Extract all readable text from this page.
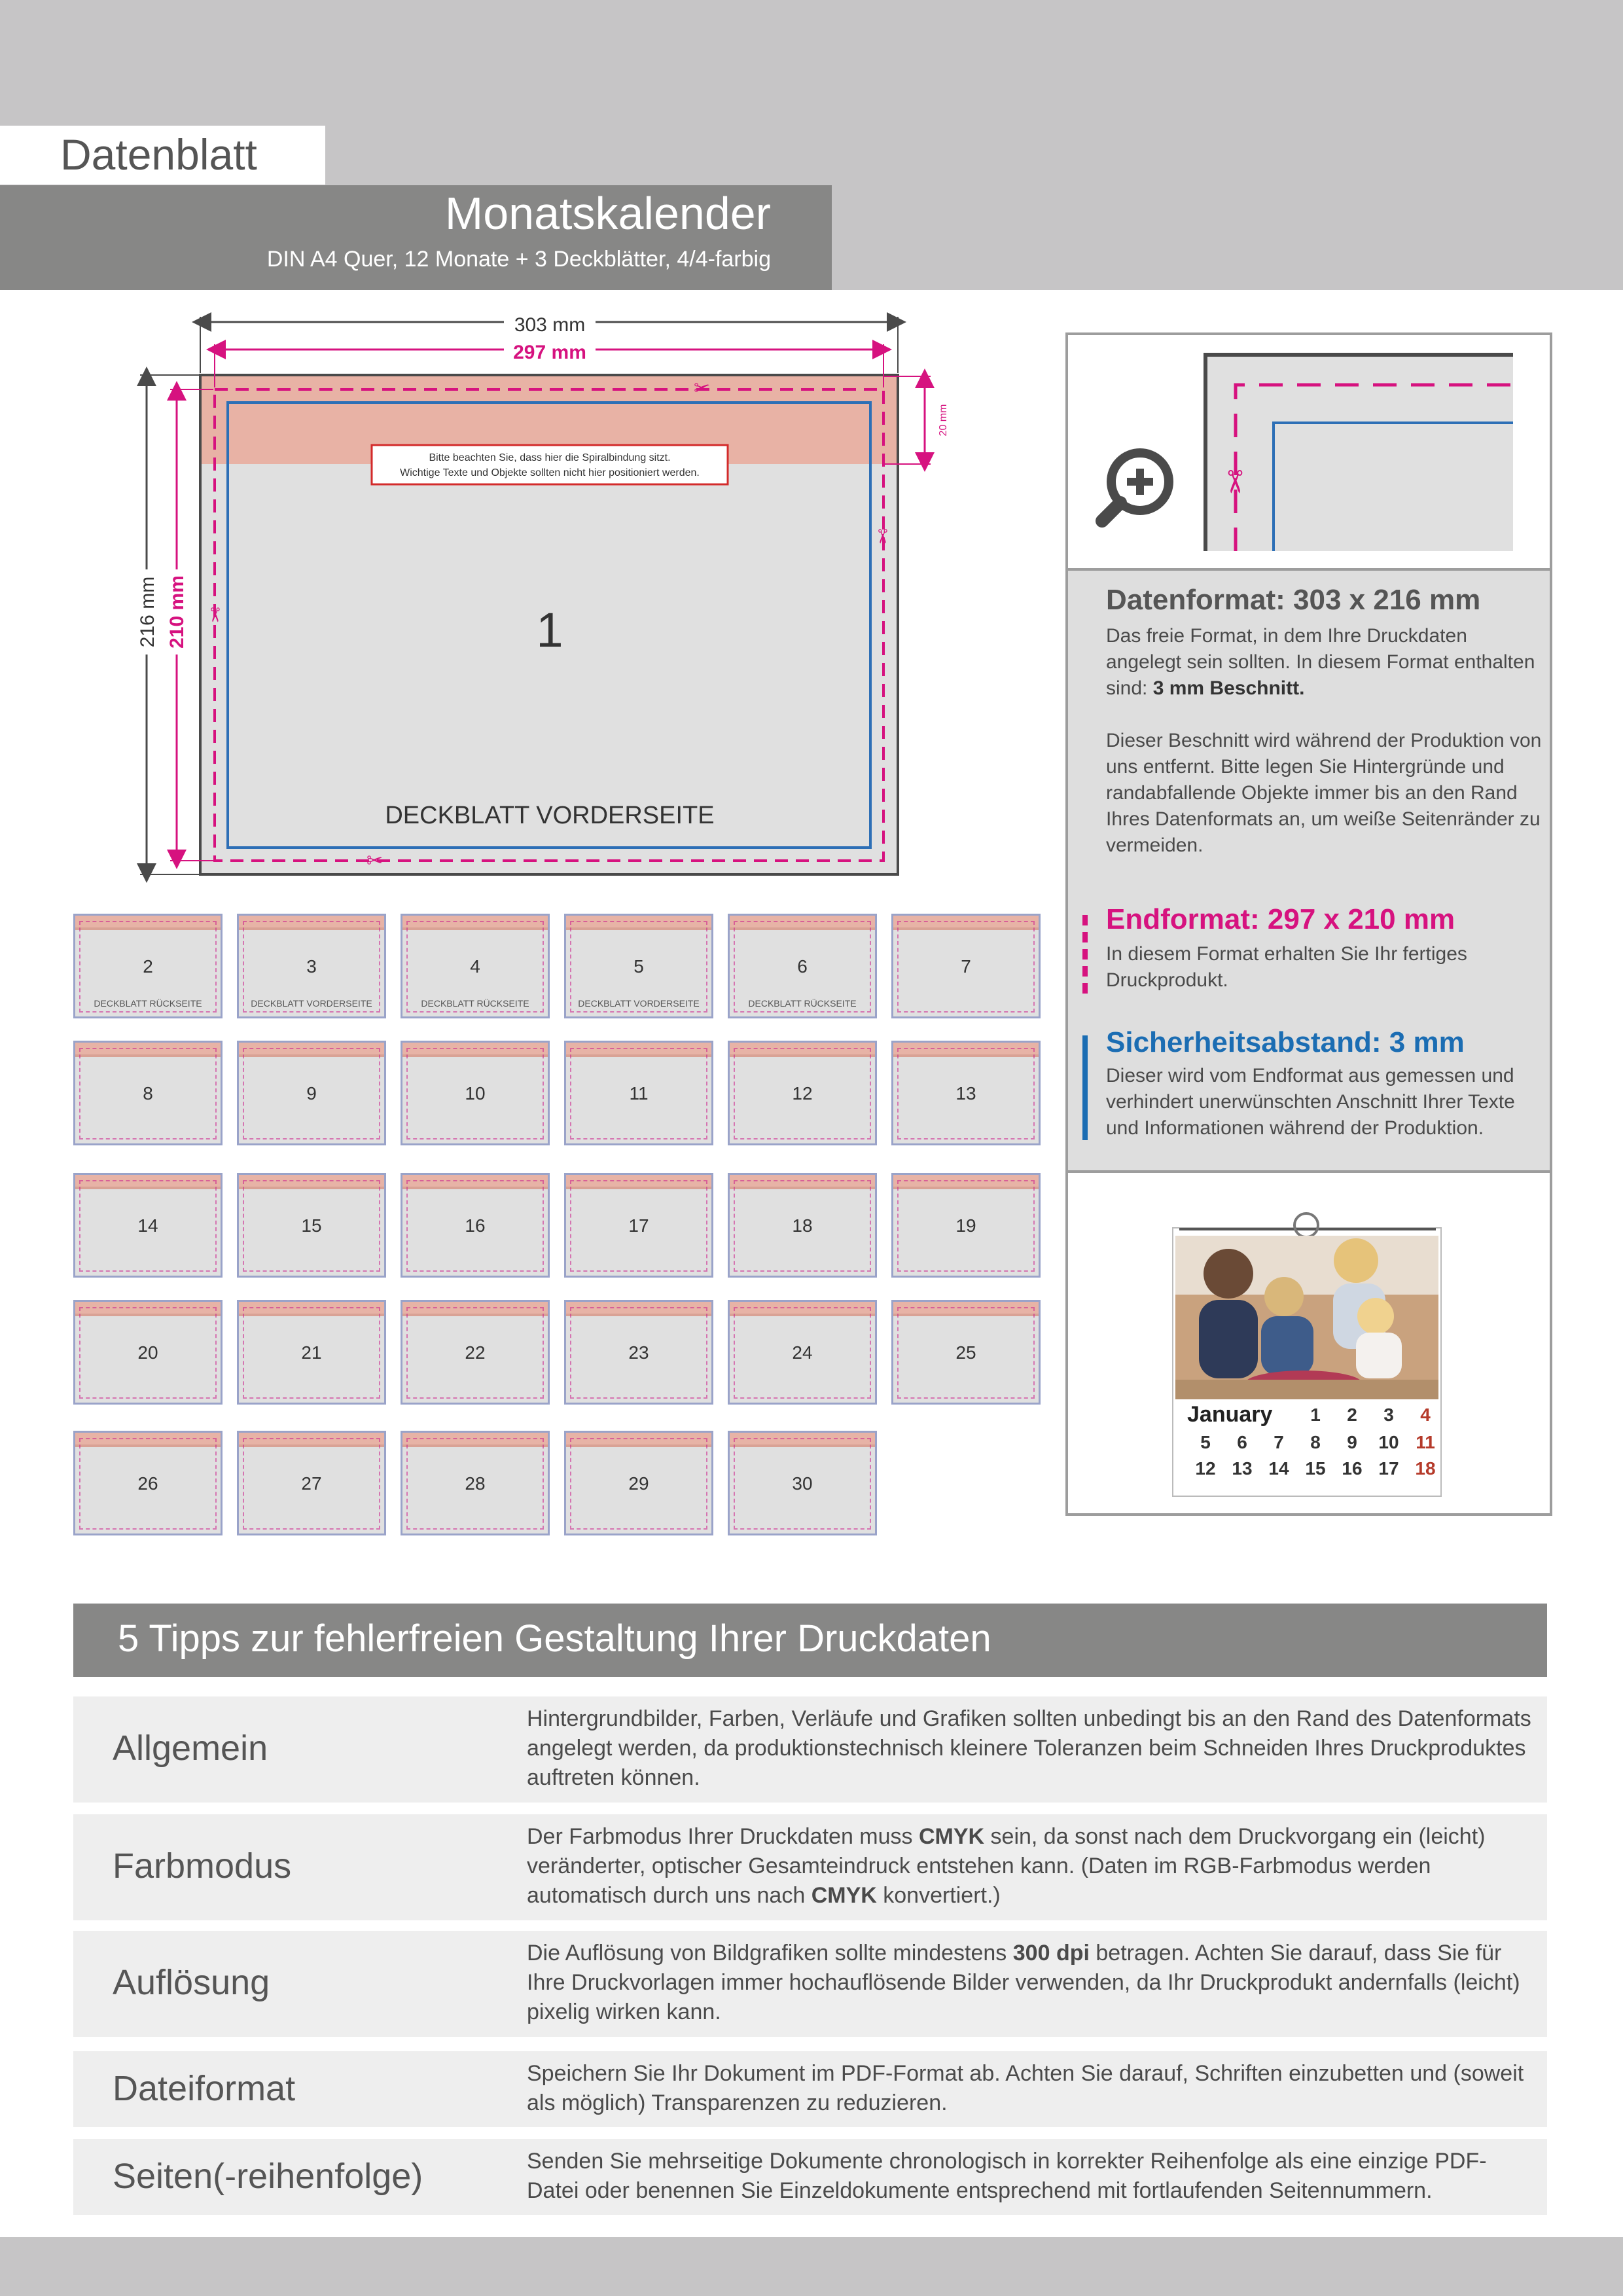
Datenblatt
Monatskalender
DIN A4 Quer, 12 Monate + 3 Deckblätter, 4/4-farbig
✂
✂
✂
✂
303 mm
297 mm
216 mm 210 mm
20 mm
Bitte beachten Sie, dass hier die Spiralbindung sitzt.
Wichtige Texte und Objekte sollten nicht hier positioniert werden.
1
DECKBLATT VORDERSEITE
2
DECKBLATT RÜCKSEITE
3
DECKBLATT VORDERSEITE
4
DECKBLATT RÜCKSEITE
5
DECKBLATT VORDERSEITE
6
DECKBLATT RÜCKSEITE
7
8	9	10	11	12	13
14	15	16	17	18	19
20	21	22	23	24	25
26	27	28	29	30
✂
Datenformat: 303 x 216 mm
Das freie Format, in dem Ihre Druckdaten angelegt sein sollten. In diesem Format enthalten sind: 3 mm Beschnitt.
Dieser Beschnitt wird während der Produktion von uns entfernt. Bitte legen Sie Hintergründe und randabfallende Objekte immer bis an den Rand Ihres Datenformats an, um weiße Seitenränder zu vermeiden.
Endformat: 297 x 210 mm
In diesem Format erhalten Sie Ihr fertiges Druckprodukt.
Sicherheitsabstand: 3 mm
Dieser wird vom Endformat aus gemessen und verhindert unerwünschten Anschnitt Ihrer Texte und Informationen während der Produktion.
January	1	2	3	4
5	6	7	8	9	10 11
12 13 14 15 16 17 18
5 Tipps zur fehlerfreien Gestaltung Ihrer Druckdaten
Allgemein
Hintergrundbilder, Farben, Verläufe und Grafiken sollten unbedingt bis an den Rand des Datenformats angelegt werden, da produktionstechnisch kleinere Toleranzen beim Schneiden Ihres Druckproduktes auftreten können.
Farbmodus
Der Farbmodus Ihrer Druckdaten muss CMYK sein, da sonst nach dem Druckvorgang ein (leicht) veränderter, optischer Gesamteindruck entstehen kann. (Daten im RGB-Farbmodus werden automatisch durch uns nach CMYK konvertiert.)
Auflösung
Die Auflösung von Bildgrafiken sollte mindestens 300 dpi betragen. Achten Sie darauf, dass Sie für Ihre Druckvorlagen immer hochauflösende Bilder verwenden, da Ihr Druckprodukt andernfalls (leicht) pixelig wirken kann.
Dateiformat	Speichern Sie Ihr Dokument im PDF-Format ab. Achten Sie darauf, Schriften einzubetten und (soweit als möglich) Transparenzen zu reduzieren.
Seiten(-reihenfolge)	Senden Sie mehrseitige Dokumente chronologisch in korrekter Reihenfolge als eine einzige PDF-Datei oder benennen Sie Einzeldokumente entsprechend mit fortlaufenden Seitennummern.
